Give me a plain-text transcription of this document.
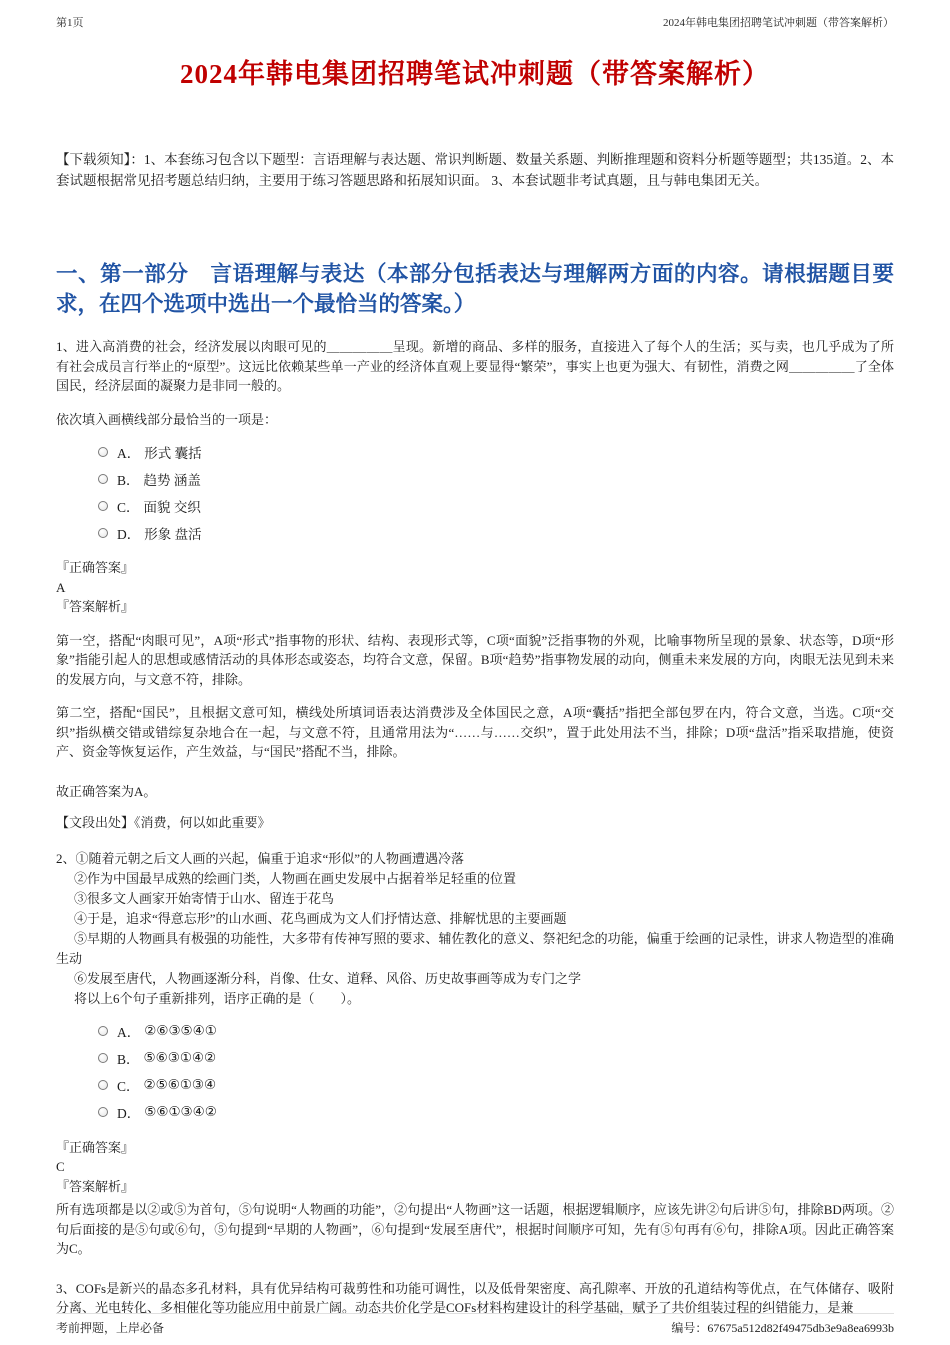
第1页	2024年韩电集团招聘笔试冲刺题（带答案解析）
2024年韩电集团招聘笔试冲刺题（带答案解析）

【下载须知】：1、本套练习包含以下题型：言语理解与表达题、常识判断题、数量关系题、判断推理题和资料分析题等题型；共135道。2、本套试题根据常见招考题总结归纳，主要用于练习答题思路和拓展知识面。 3、本套试题非考试真题，且与韩电集团无关。

一、第一部分　言语理解与表达（本部分包括表达与理解两方面的内容。请根据题目要求，在四个选项中选出一个最恰当的答案。）

1、进入高消费的社会，经济发展以肉眼可见的＿＿＿＿＿呈现。新增的商品、多样的服务，直接进入了每个人的生活；买与卖，也几乎成为了所有社会成员言行举止的“原型”。这远比依赖某些单一产业的经济体直观上要显得“繁荣”，事实上也更为强大、有韧性，消费之网＿＿＿＿＿了全体国民，经济层面的凝聚力是非同一般的。

依次填入画横线部分最恰当的一项是：

A． 形式 囊括
B． 趋势 涵盖
C． 面貌 交织
D． 形象 盘活
『正确答案』
A
『答案解析』

第一空，搭配“肉眼可见”，A项“形式”指事物的形状、结构、表现形式等，C项“面貌”泛指事物的外观，比喻事物所呈现的景象、状态等，D项“形象”指能引起人的思想或感情活动的具体形态或姿态，均符合文意，保留。B项“趋势”指事物发展的动向，侧重未来发展的方向，肉眼无法见到未来的发展方向，与文意不符，排除。

第二空，搭配“国民”，且根据文意可知，横线处所填词语表达消费涉及全体国民之意，A项“囊括”指把全部包罗在内，符合文意，当选。C项“交织”指纵横交错或错综复杂地合在一起，与文意不符，且通常用法为“……与……交织”，置于此处用法不当，排除；D项“盘活”指采取措施，使资产、资金等恢复运作，产生效益，与“国民”搭配不当，排除。

故正确答案为A。

【文段出处】《消费，何以如此重要》

2、①随着元朝之后文人画的兴起，偏重于追求“形似”的人物画遭遇冷落

②作为中国最早成熟的绘画门类，人物画在画史发展中占据着举足轻重的位置

③很多文人画家开始寄情于山水、留连于花鸟

④于是，追求“得意忘形”的山水画、花鸟画成为文人们抒情达意、排解忧思的主要画题

⑤早期的人物画具有极强的功能性，大多带有传神写照的要求、辅佐教化的意义、祭祀纪念的功能，偏重于绘画的记录性，讲求人物造型的准确生动

⑥发展至唐代，人物画逐渐分科，肖像、仕女、道释、风俗、历史故事画等成为专门之学

将以上6个句子重新排列，语序正确的是（　　）。

A． ②⑥③⑤④①
B． ⑤⑥③①④②
C． ②⑤⑥①③④
D． ⑤⑥①③④②
『正确答案』
C
『答案解析』

所有选项都是以②或⑤为首句，⑤句说明“人物画的功能”，②句提出“人物画”这一话题，根据逻辑顺序，应该先讲②句后讲⑤句，排除BD两项。②句后面接的是⑤句或⑥句，⑤句提到“早期的人物画”，⑥句提到“发展至唐代”，根据时间顺序可知，先有⑤句再有⑥句，排除A项。因此正确答案为C。

3、COFs是新兴的晶态多孔材料，具有优异结构可裁剪性和功能可调性，以及低骨架密度、高孔隙率、开放的孔道结构等优点，在气体储存、吸附分离、光电转化、多相催化等功能应用中前景广阔。动态共价化学是COFs材料构建设计的科学基础，赋予了共价组装过程的纠错能力，是兼

考前押题，上岸必备	编号：67675a512d82f49475db3e9a8ea6993b
